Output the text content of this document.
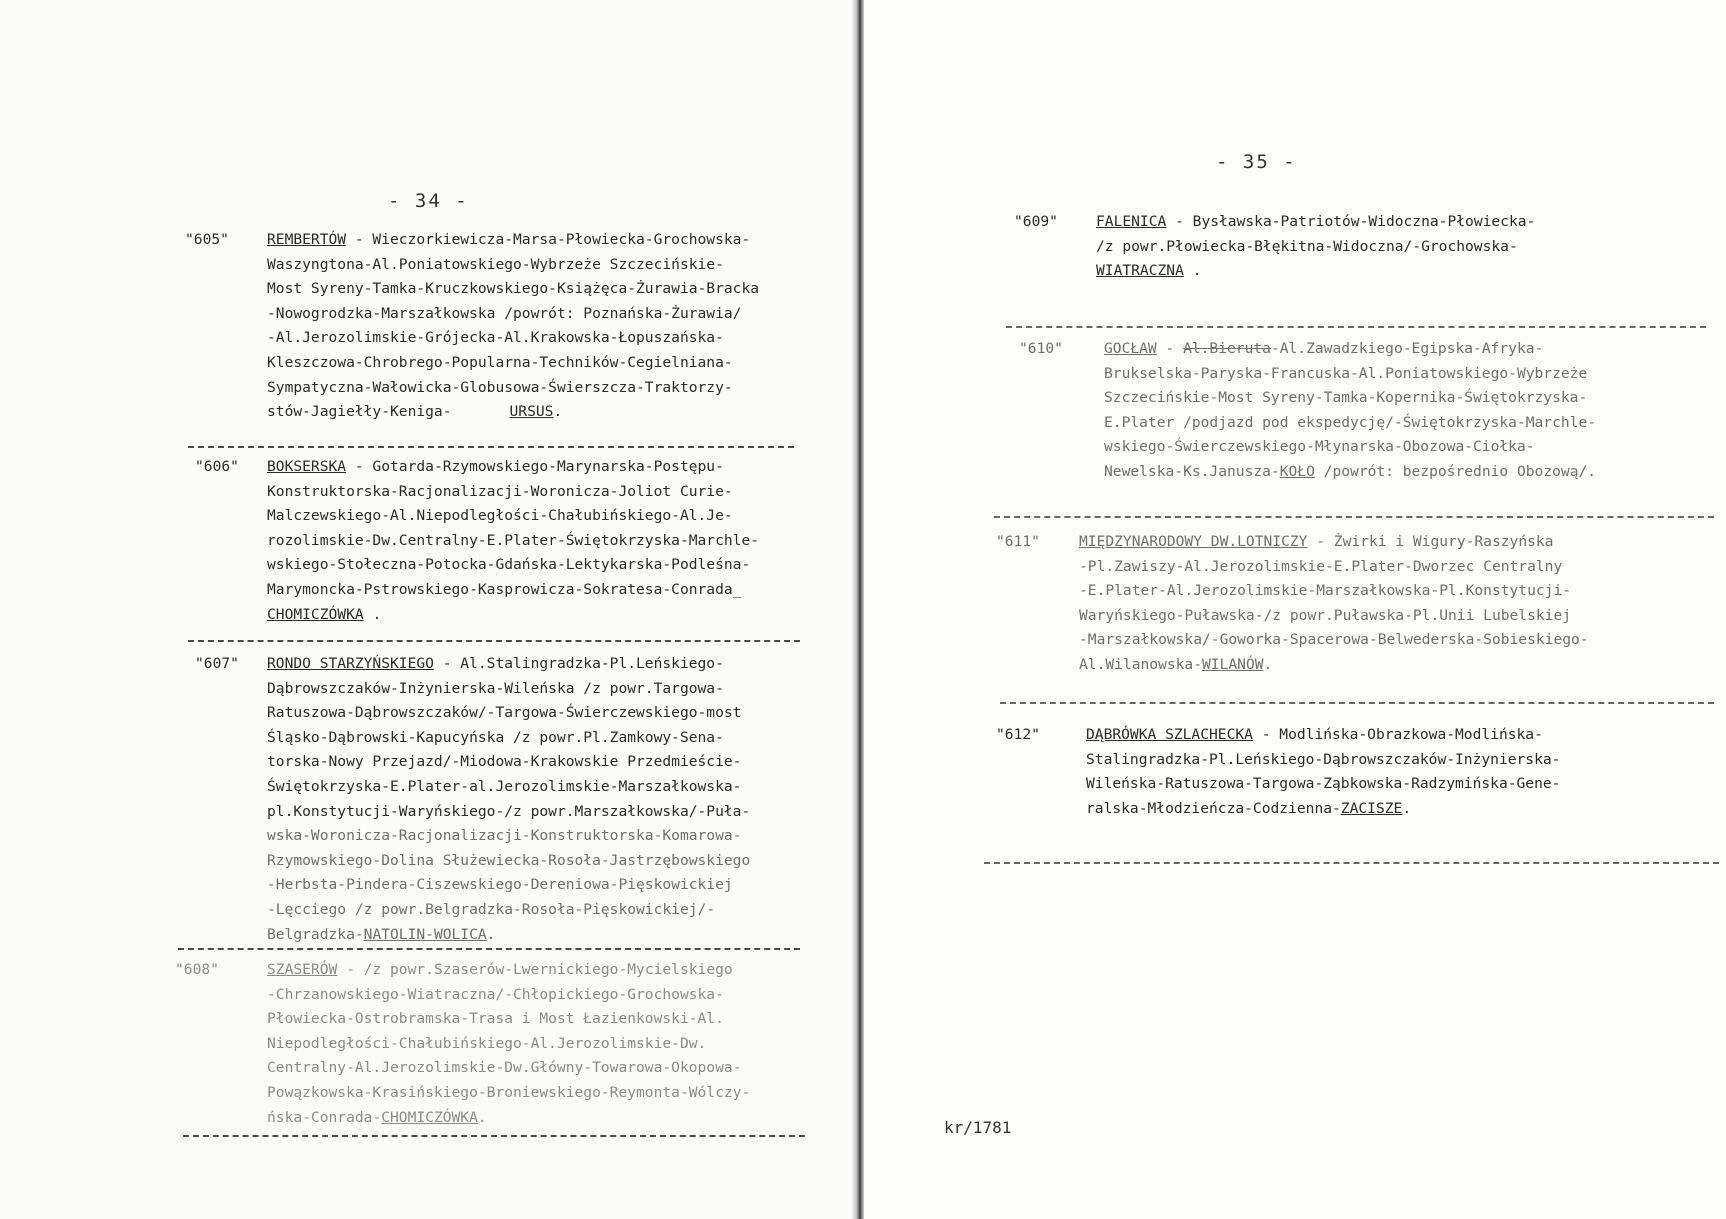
- 34 -
"605"	REMBERTÓW - Wieczorkiewicza-Marsa-Płowiecka-Grochowska-
Waszyngtona-Al.Poniatowskiego-Wybrzeże Szczecińskie-
Most Syreny-Tamka-Kruczkowskiego-Książęca-Żurawia-Bracka
-Nowogrodzka-Marszałkowska /powrót: Poznańska-Żurawia/
-Al.Jerozolimskie-Grójecka-Al.Krakowska-Łopuszańska-
Kleszczowa-Chrobrego-Popularna-Techników-Cegielniana-
Sympatyczna-Wałowicka-Globusowa-Świerszcza-Traktorzy-
stów-Jagiełły-Keniga-	URSUS.
"606" BOKSERSKA - Gotarda-Rzymowskiego-Marynarska-Postępu-
Konstruktorska-Racjonalizacji-Woronicza-Joliot Curie-
Malczewskiego-Al.Niepodległości-Chałubińskiego-Al.Je-
rozolimskie-Dw.Centralny-E.Plater-Świętokrzyska-Marchle-
wskiego-Stołeczna-Potocka-Gdańska-Lektykarska-Podleśna-
Marymoncka-Pstrowskiego-Kasprowicza-Sokratesa-Conrada_
CHOMICZÓWKA .
"607" RONDO STARZYŃSKIEGO - Al.Stalingradzka-Pl.Leńskiego-
Dąbrowszczaków-Inżynierska-Wileńska /z powr.Targowa-
Ratuszowa-Dąbrowszczaków/-Targowa-Świerczewskiego-most
Śląsko-Dąbrowski-Kapucyńska /z powr.Pl.Zamkowy-Sena-
torska-Nowy Przejazd/-Miodowa-Krakowskie Przedmieście-
Świętokrzyska-E.Plater-al.Jerozolimskie-Marszałkowska-
pl.Konstytucji-Waryńskiego-/z powr.Marszałkowska/-Puła-
wska-Woronicza-Racjonalizacji-Konstruktorska-Komarowa-
Rzymowskiego-Dolina Służewiecka-Rosoła-Jastrzębowskiego
-Herbsta-Pindera-Ciszewskiego-Dereniowa-Pięskowickiej
-Lęcciego /z powr.Belgradzka-Rosoła-Pięskowickiej/-
Belgradzka-NATOLIN-WOLICA.
"608"	SZASERÓW - /z powr.Szaserów-Lwernickiego-Mycielskiego
-Chrzanowskiego-Wiatraczna/-Chłopickiego-Grochowska-
Płowiecka-Ostrobramska-Trasa i Most Łazienkowski-Al.
Niepodległości-Chałubińskiego-Al.Jerozolimskie-Dw.
Centralny-Al.Jerozolimskie-Dw.Główny-Towarowa-Okopowa-
Powązkowska-Krasińskiego-Broniewskiego-Reymonta-Wólczy-
ńska-Conrada-CHOMICZÓWKA.
- 35 -
"609"	FALENICA - Bysławska-Patriotów-Widoczna-Płowiecka-
/z powr.Płowiecka-Błękitna-Widoczna/-Grochowska-
WIATRACZNA .
"610"	GOCŁAW - Al.Bieruta-Al.Zawadzkiego-Egipska-Afryka-
Brukselska-Paryska-Francuska-Al.Poniatowskiego-Wybrzeże
Szczecińskie-Most Syreny-Tamka-Kopernika-Świętokrzyska-
E.Plater /podjazd pod ekspedycję/-Świętokrzyska-Marchle-
wskiego-Świerczewskiego-Młynarska-Obozowa-Ciołka-
Newelska-Ks.Janusza-KOŁO /powrót: bezpośrednio Obozową/.
"611"	MIĘDZYNARODOWY DW.LOTNICZY - Żwirki i Wigury-Raszyńska
-Pl.Zawiszy-Al.Jerozolimskie-E.Plater-Dworzec Centralny
-E.Plater-Al.Jerozolimskie-Marszałkowska-Pl.Konstytucji-
Waryńskiego-Puławska-/z powr.Puławska-Pl.Unii Lubelskiej
-Marszałkowska/-Goworka-Spacerowa-Belwederska-Sobieskiego-
Al.Wilanowska-WILANÓW.
"612"	DĄBRÓWKA SZLACHECKA - Modlińska-Obrazkowa-Modlińska-
Stalingradzka-Pl.Leńskiego-Dąbrowszczaków-Inżynierska-
Wileńska-Ratuszowa-Targowa-Ząbkowska-Radzymińska-Gene-
ralska-Młodzieńcza-Codzienna-ZACISZE.
kr/1781
